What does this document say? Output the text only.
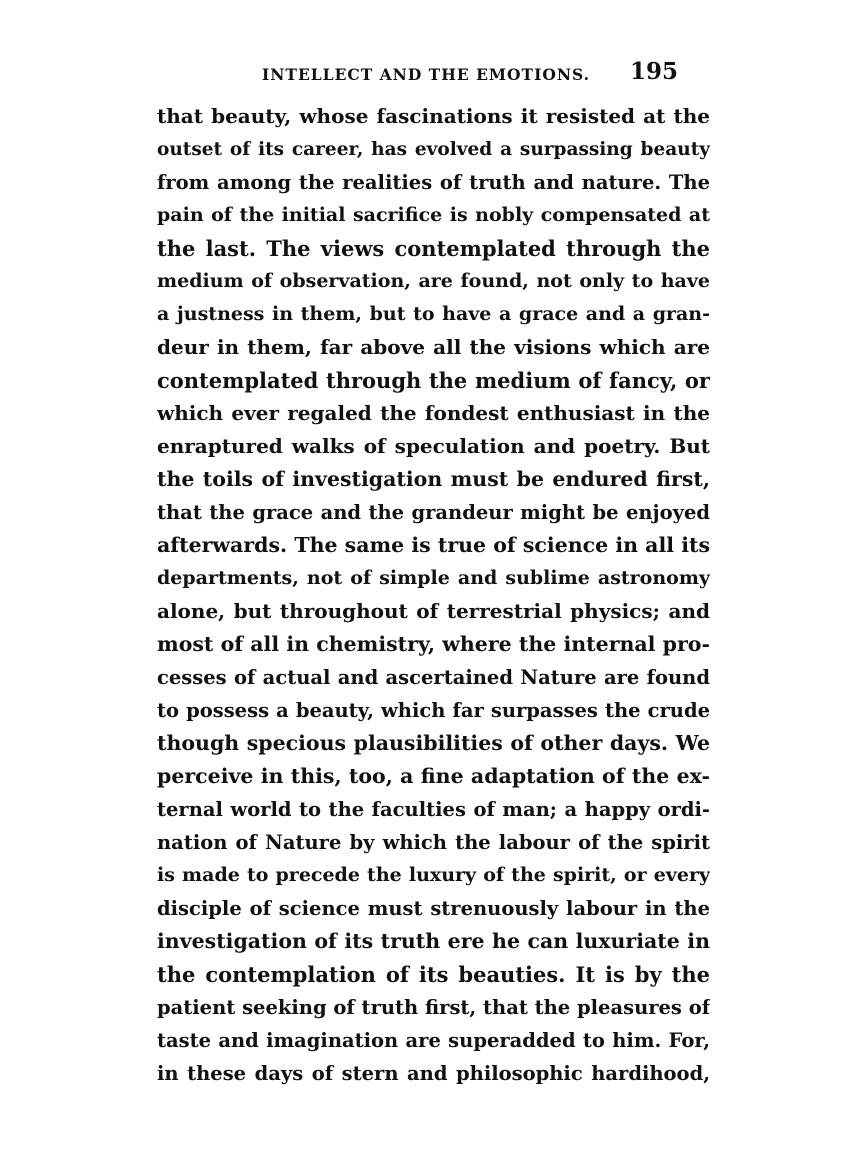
INTELLECT AND THE EMOTIONS. 195
that beauty, whose fascinations it resisted at the
outset of its career, has evolved a surpassing beauty
from among the realities of truth and nature. The
pain of the initial sacrifice is nobly compensated at
the last. The views contemplated through the
medium of observation, are found, not only to have
a justness in them, but to have a grace and a gran-
deur in them, far above all the visions which are
contemplated through the medium of fancy, or
which ever regaled the fondest enthusiast in the
enraptured walks of speculation and poetry. But
the toils of investigation must be endured first,
that the grace and the grandeur might be enjoyed
afterwards. The same is true of science in all its
departments, not of simple and sublime astronomy
alone, but throughout of terrestrial physics; and
most of all in chemistry, where the internal pro-
cesses of actual and ascertained Nature are found
to possess a beauty, which far surpasses the crude
though specious plausibilities of other days. We
perceive in this, too, a fine adaptation of the ex-
ternal world to the faculties of man; a happy ordi-
nation of Nature by which the labour of the spirit
is made to precede the luxury of the spirit, or every
disciple of science must strenuously labour in the
investigation of its truth ere he can luxuriate in
the contemplation of its beauties. It is by the
patient seeking of truth first, that the pleasures of
taste and imagination are superadded to him. For,
in these days of stern and philosophic hardihood,
